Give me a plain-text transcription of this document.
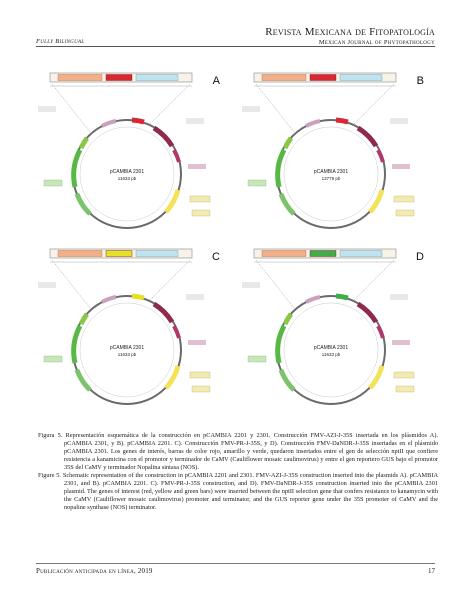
Fully Bilingual
Revista Mexicana de Fitopatología
Mexican Journal of Phytopathology
pCAMBIA 2301
11633 pb
A
pCAMBIA 2301
13779 pb
B
pCAMBIA 2301
11633 pb
C
pCAMBIA 2301
11633 pb
D
Figura 5. Representación esquemática de la construcción en pCAMBIA 2201 y 2301. Construcción FMV-AZI-J-35S insertada en los plásmidos A). pCAMBIA 2301, y B). pCAMBIA 2201. C). Construcción FMV-PR-J-35S, y D). Construcción FMV-DaNDR-J-35S insertadas en el plásmido pCAMBIA 2301. Los genes de interés, barras de color rojo, amarillo y verde, quedaron insertados entre el gen de selección nptII que confiere resistencia a kanamicina con el promotor y terminador de CaMV (Cauliflower mosaic caulimovirus) y entre el gen reportero GUS bajo el promotor 35S del CaMV y terminador Nopalina sintasa (NOS).
Figure 5. Schematic representation of the construction in pCAMBIA 2201 and 2301. FMV-AZI-J-35S construction inserted into the plasmids A). pCAMBIA 2301, and B). pCAMBIA 2201. C). FMV-PR-J-35S construction, and D). FMV-DaNDR-J-35S construction inserted into the pCAMBIA 2301 plasmid. The genes of interest (red, yellow and green bars) were inserted between the nptII selection gene that confers resistance to kanamycin with the CaMV (Cauliflower mosaic caulimovirus) promoter and terminator, and the GUS reporter gene under the 35S promoter of CaMV and the nopaline synthase (NOS) terminator.
Publicación anticipada en línea, 2019	17
